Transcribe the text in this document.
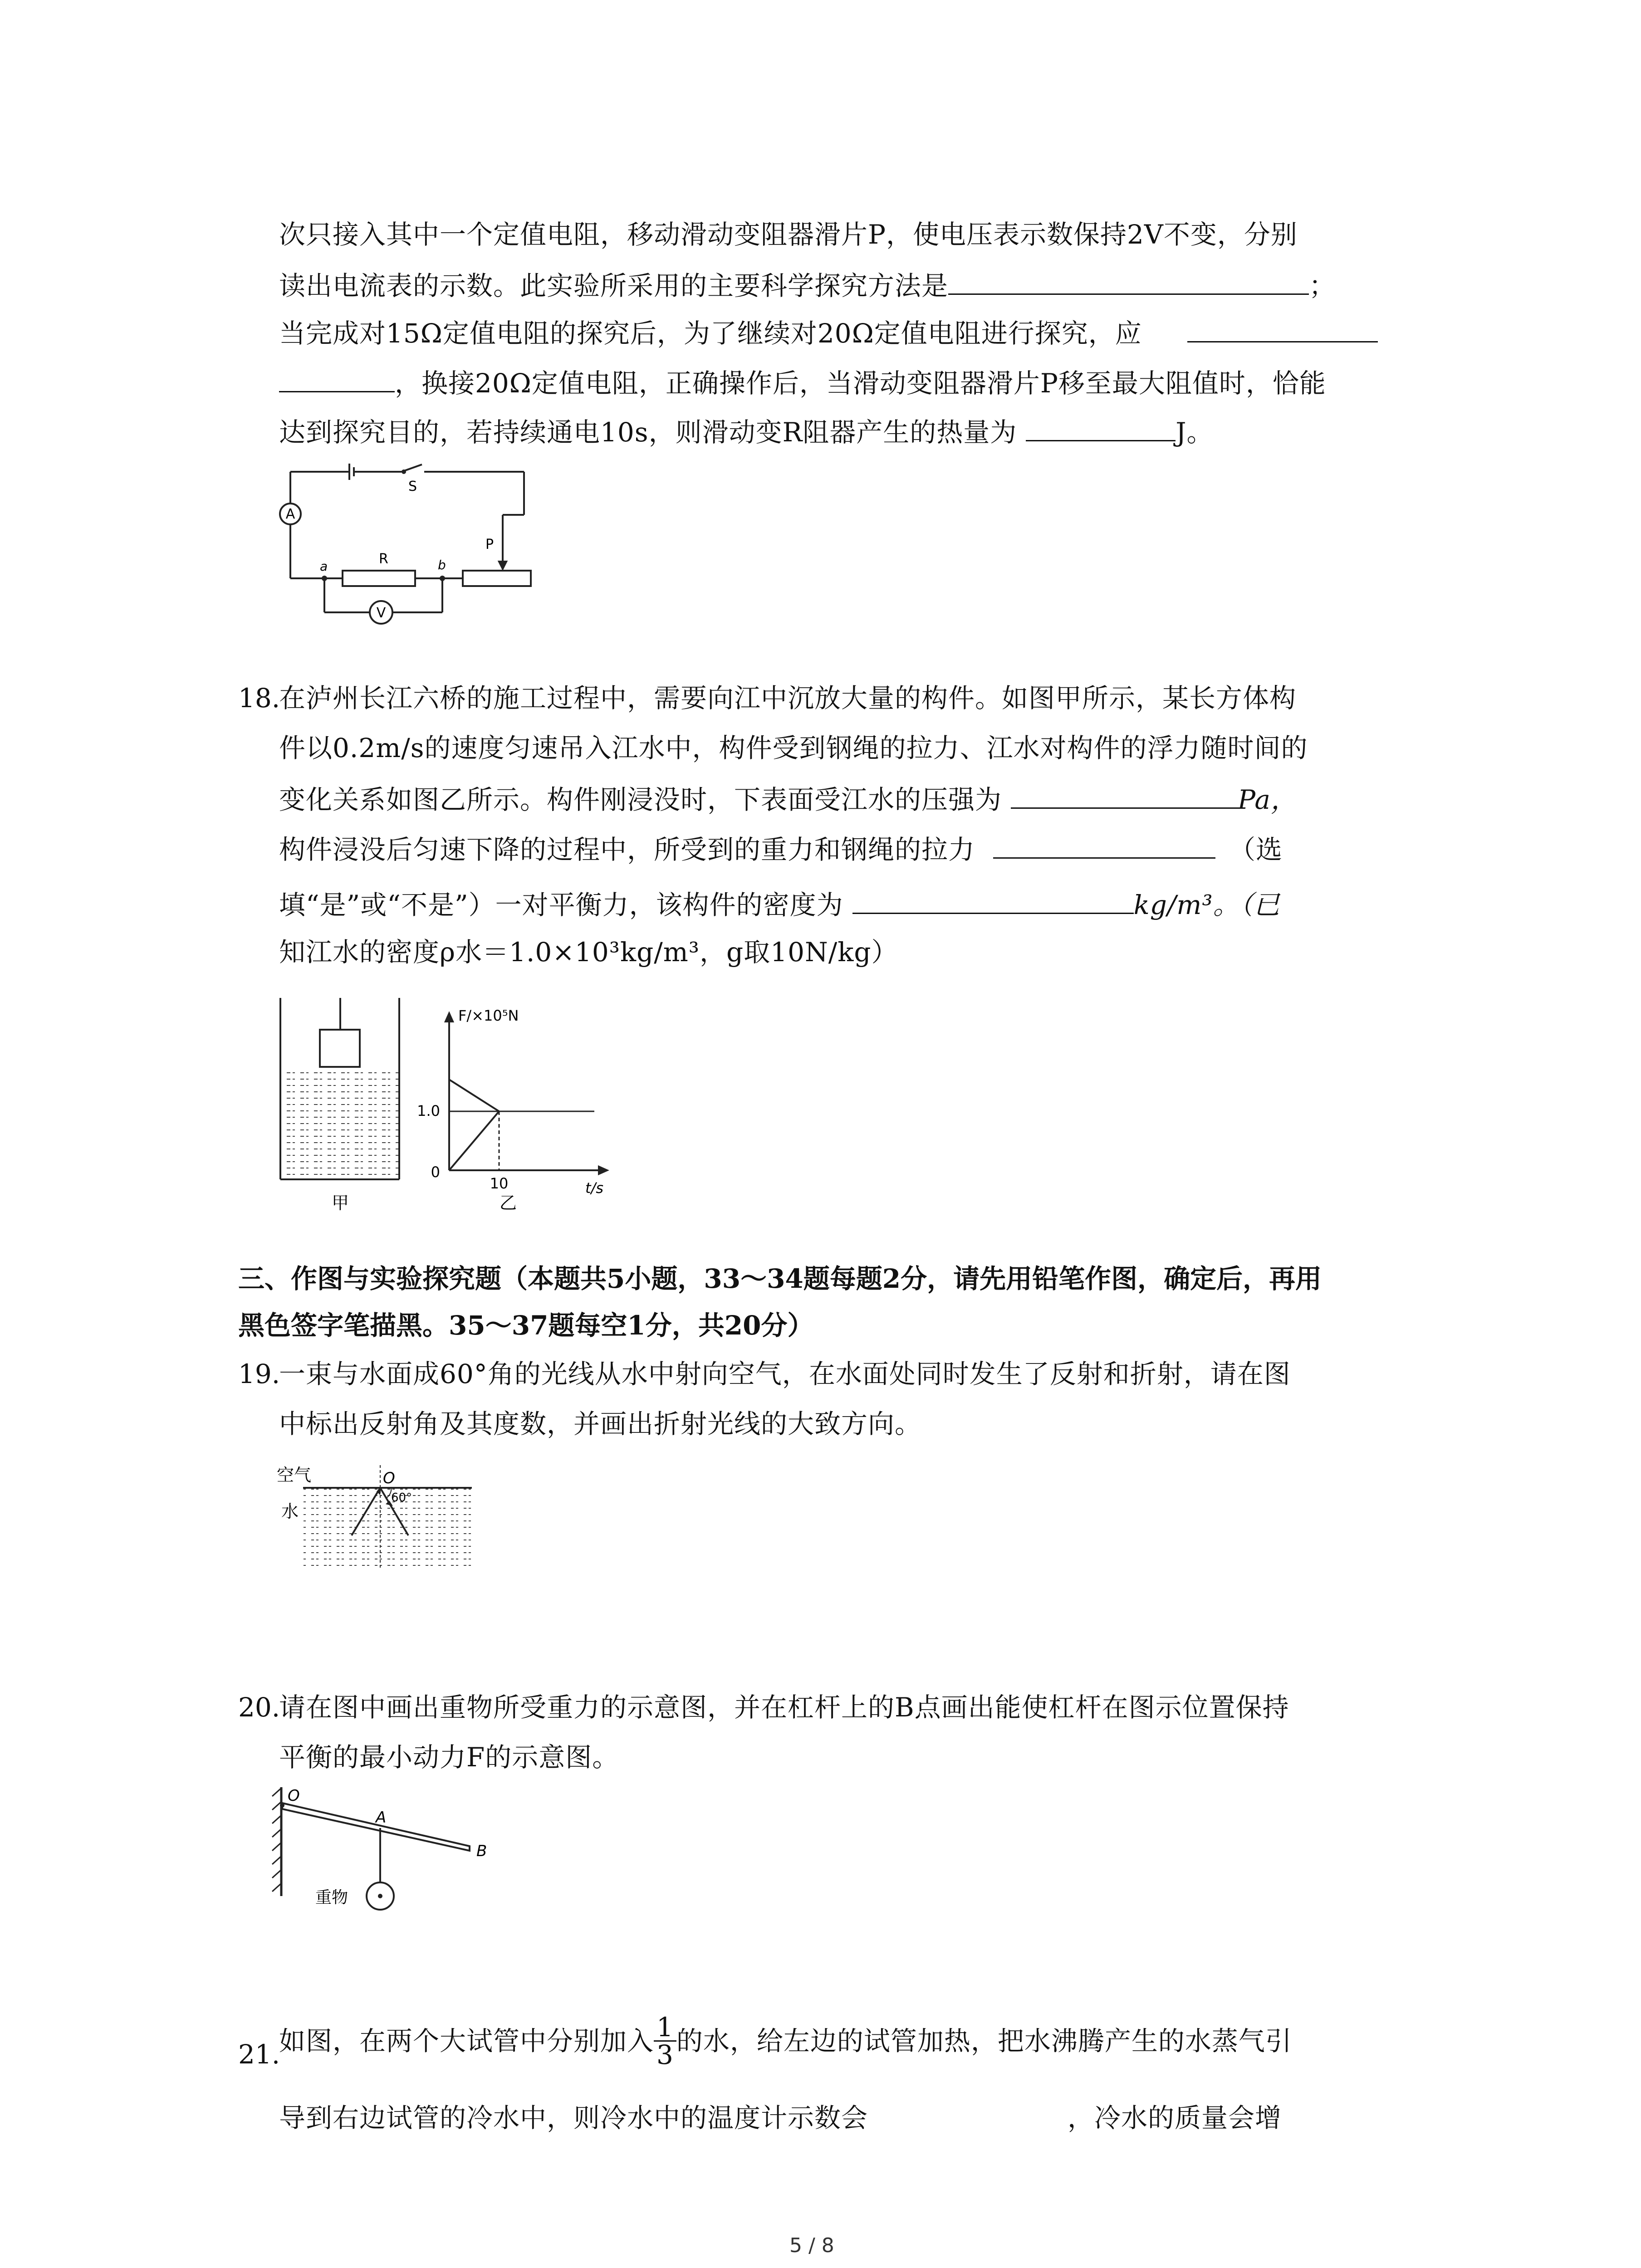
次只接入其中一个定值电阻，移动滑动变阻器滑片P，使电压表示数保持2V不变，分别
读出电流表的示数。此实验所采用的主要科学探究方法是	；
当完成对15Ω定值电阻的探究后，为了继续对20Ω定值电阻进行探究，应
，换接20Ω定值电阻，正确操作后，当滑动变阻器滑片P移至最大阻值时，恰能
达到探究目的，若持续通电10s，则滑动变R阻器产生的热量为	J。
A
S
R
a	b
P
V
18.
在泸州长江六桥的施工过程中，需要向江中沉放大量的构件。如图甲所示，某长方体构
件以0.2m/s的速度匀速吊入江水中，构件受到钢绳的拉力、江水对构件的浮力随时间的
变化关系如图乙所示。构件刚浸没时，下表面受江水的压强为	Pa，
构件浸没后匀速下降的过程中，所受到的重力和钢绳的拉力	（选
填“是”或“不是”）一对平衡力，该构件的密度为	kg/m³。（已
知江水的密度ρ水＝1.0×10³kg/m³，g取10N/kg）
甲
F/×10⁵N
1.0
0
10	t/s
乙
三、作图与实验探究题（本题共5小题，33～34题每题2分，请先用铅笔作图，确定后，再用
黑色签字笔描黑。35～37题每空1分，共20分）
19.
一束与水面成60°角的光线从水中射向空气，在水面处同时发生了反射和折射，请在图
中标出反射角及其度数，并画出折射光线的大致方向。
空气
水
O
60°
20.
请在图中画出重物所受重力的示意图，并在杠杆上的B点画出能使杠杆在图示位置保持
平衡的最小动力F的示意图。
O
A
B
重物
21.
如图，在两个大试管中分别加入 $\frac{1}{3}$ 的水，给左边的试管加热，把水沸腾产生的水蒸气引
导到右边试管的冷水中，则冷水中的温度计示数会	，冷水的质量会增
5 / 8
